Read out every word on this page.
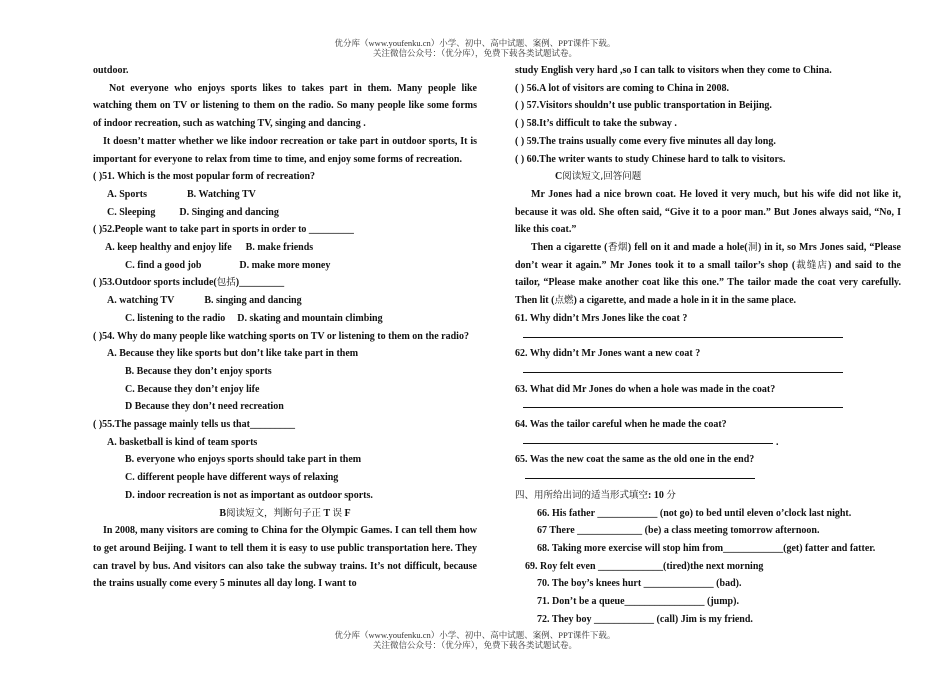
优分库（www.youfenku.cn）小学、初中、高中试题、案例、PPT课件下载。
关注微信公众号：（优分库），免费下载各类试题试卷。

outdoor.

Not everyone who enjoys sports likes to takes part in them. Many people like watching them on TV or listening to them on the radio. So many people like some forms of indoor recreation, such as watching TV, singing and dancing .

It doesn’t matter whether we like indoor recreation or take part in outdoor sports, It is important for everyone to relax from time to time, and enjoy some forms of recreation.

( )51. Which is the most popular form of recreation?

A. Sports	B. Watching TV

C. Sleeping D. Singing and dancing

( )52.People want to take part in sports in order to _________

A. keep healthy and enjoy life B. make friends

C. find a good job	D. make more money

( )53.Outdoor sports include(包括)_________

A. watching TV	B. singing and dancing

C. listening to the radio D. skating and mountain climbing

( )54. Why do many people like watching sports on TV or listening to them on the radio?

A. Because they like sports but don’t like take part in them

B. Because they don’t enjoy sports

C. Because they don’t enjoy life

D Because they don’t need recreation

( )55.The passage mainly tells us that_________

A. basketball is kind of team sports

B. everyone who enjoys sports should take part in them

C. different people have different ways of relaxing

D. indoor recreation is not as important as outdoor sports.

B阅读短文，判断句子正 T 误 F

In 2008, many visitors are coming to China for the Olympic Games. I can tell them how to get around Beijing. I want to tell them it is easy to use public transportation here. They can travel by bus. And visitors can also take the subway trains. It’s not difficult, because the trains usually come every 5 minutes all day long. I want to

study English very hard ,so I can talk to visitors when they come to China.

( ) 56.A lot of visitors are coming to China in 2008.

( ) 57.Visitors shouldn’t use public transportation in Beijing.

( ) 58.It’s difficult to take the subway .

( ) 59.The trains usually come every five minutes all day long.

( ) 60.The writer wants to study Chinese hard to talk to visitors.

C阅读短文,回答问题

Mr Jones had a nice brown coat. He loved it very much, but his wife did not like it, because it was old. She often said, “Give it to a poor man.” But Jones always said, “No, I like this coat.”

Then a cigarette (香烟) fell on it and made a hole(洞) in it, so Mrs Jones said, “Please don’t wear it again.” Mr Jones took it to a small tailor’s shop (裁缝店) and said to the tailor, “Please make another coat like this one.” The tailor made the coat very carefully. Then lit (点燃) a cigarette, and made a hole in it in the same place.

61. Why didn’t Mrs Jones like the coat ?

62. Why didn’t Mr Jones want a new coat ?

63. What did Mr Jones do when a hole was made in the coat?

64. Was the tailor careful when he made the coat?

.

65. Was the new coat the same as the old one in the end?

四、用所给出词的适当形式填空: 10 分

66. His father ____________ (not go) to bed until eleven o’clock last night.

67 There _____________ (be) a class meeting tomorrow afternoon.

68. Taking more exercise will stop him from____________(get) fatter and fatter.

69. Roy felt even _____________(tired)the next morning

70. The boy’s knees hurt ______________ (bad).

71. Don’t be a queue________________ (jump).

72. They boy ____________ (call) Jim is my friend.

优分库（www.youfenku.cn）小学、初中、高中试题、案例、PPT课件下载。
关注微信公众号：（优分库），免费下载各类试题试卷。
